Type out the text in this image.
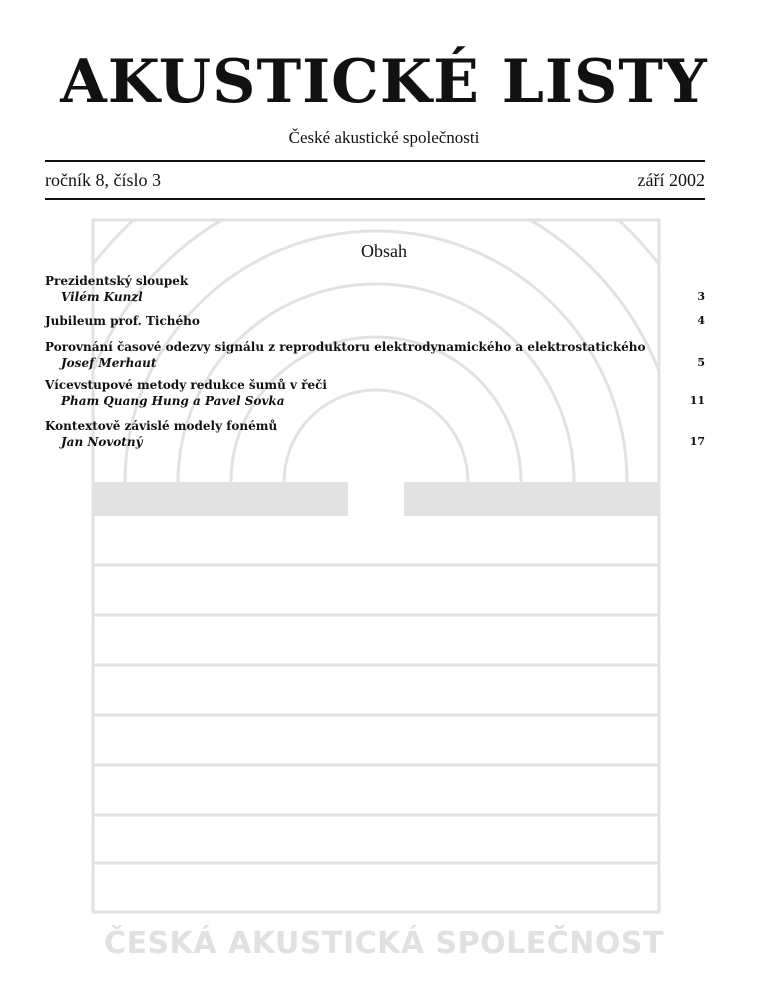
AKUSTICKÉ LISTY
České akustické společnosti
ročník 8, číslo 3	září 2002
Obsah
Prezidentský sloupek
Vilém Kunzl	3
Jubileum prof. Tichého	4
Porovnání časové odezvy signálu z reproduktoru elektrodynamického a elektrostatického
Josef Merhaut	5
Vícevstupové metody redukce šumů v řeči
Pham Quang Hung a Pavel Sovka	11
Kontextově závislé modely fonémů
Jan Novotný	17
ČESKÁ AKUSTICKÁ SPOLEČNOST
